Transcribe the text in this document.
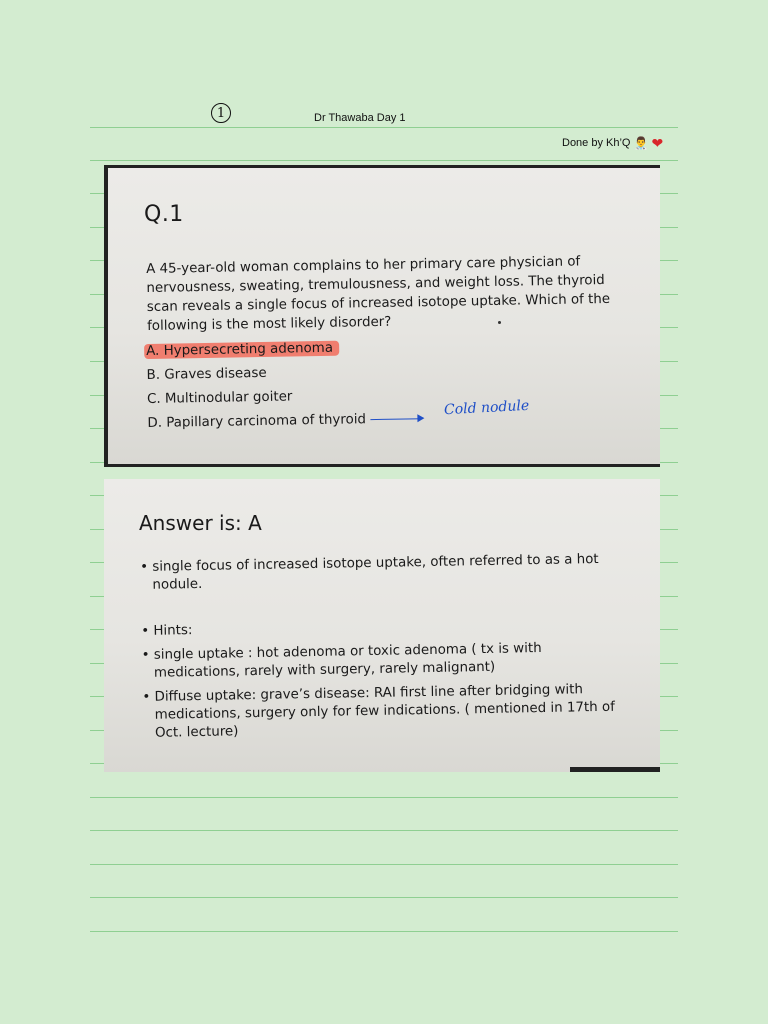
1	Dr Thawaba Day 1
Done by Kh’Q 👨‍⚕️ ❤
Q.1
A 45-year-old woman complains to her primary care physician of nervousness, sweating, tremulousness, and weight loss. The thyroid scan reveals a single focus of increased isotope uptake. Which of the following is the most likely disorder?
A. Hypersecreting adenoma
B. Graves disease
C. Multinodular goiter
D. Papillary carcinoma of thyroid
Cold nodule
Answer is: A
• single focus of increased isotope uptake, often referred to as a hot nodule.
• Hints:
• single uptake : hot adenoma or toxic adenoma ( tx is with medications, rarely with surgery, rarely malignant)
• Diffuse uptake: grave’s disease: RAI first line after bridging with medications, surgery only for few indications. ( mentioned in 17th of Oct. lecture)
